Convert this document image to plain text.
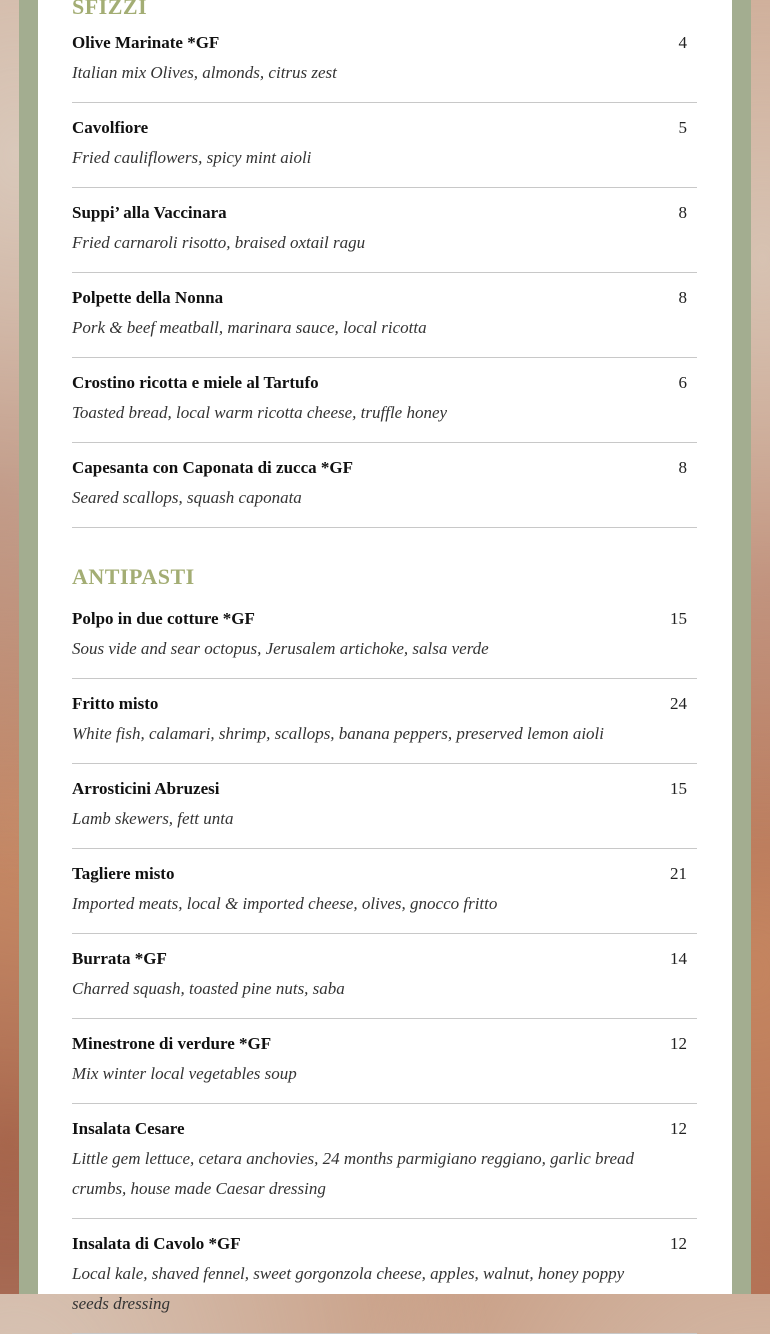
SFIZZI
Olive Marinate *GF
Italian mix Olives, almonds, citrus zest
4
Cavolfiore
Fried cauliflowers, spicy mint aioli
5
Suppi’ alla Vaccinara
Fried carnaroli risotto, braised oxtail ragu
8
Polpette della Nonna
Pork & beef meatball, marinara sauce, local ricotta
8
Crostino ricotta e miele al Tartufo
Toasted bread, local warm ricotta cheese, truffle honey
6
Capesanta con Caponata di zucca *GF
Seared scallops, squash caponata
8
ANTIPASTI
Polpo in due cotture *GF
Sous vide and sear octopus, Jerusalem artichoke, salsa verde
15
Fritto misto
White fish, calamari, shrimp, scallops, banana peppers, preserved lemon aioli
24
Arrosticini Abruzesi
Lamb skewers, fett unta
15
Tagliere misto
Imported meats, local & imported cheese, olives, gnocco fritto
21
Burrata *GF
Charred squash, toasted pine nuts, saba
14
Minestrone di verdure *GF
Mix winter local vegetables soup
12
Insalata Cesare
Little gem lettuce, cetara anchovies, 24 months parmigiano reggiano, garlic bread crumbs, house made Caesar dressing
12
Insalata di Cavolo *GF
Local kale, shaved fennel, sweet gorgonzola cheese, apples, walnut, honey poppy seeds dressing
12
